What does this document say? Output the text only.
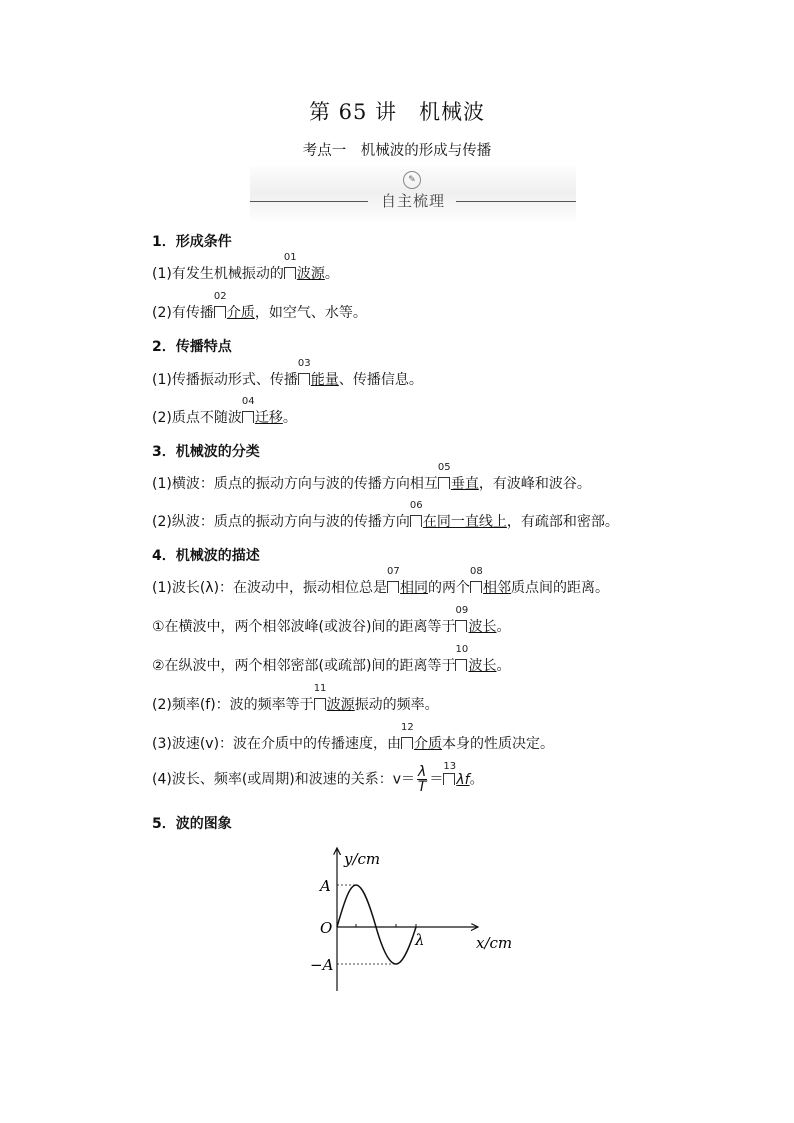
第 65 讲　机械波
考点一　机械波的形成与传播
✎
自主梳理
1．形成条件
(1)有发生机械振动的
01
波源。
(2)有传播
02
介质，如空气、水等。
2．传播特点
(1)传播振动形式、传播
03
能量、传播信息。
(2)质点不随波
04
迁移。
3．机械波的分类
(1)横波：质点的振动方向与波的传播方向相互
05
垂直，有波峰和波谷。
(2)纵波：质点的振动方向与波的传播方向
06
在同一直线上，有疏部和密部。
4．机械波的描述
(1)波长(λ)：在波动中，振动相位总是
07
相同的两个
08
相邻质点间的距离。
①在横波中，两个相邻波峰(或波谷)间的距离等于
09
波长。
②在纵波中，两个相邻密部(或疏部)间的距离等于
10
波长。
(2)频率(f)：波的频率等于
11
波源振动的频率。
(3)波速(v)：波在介质中的传播速度，由
12
介质本身的性质决定。
(4)波长、频率(或周期)和波速的关系：$v= \frac{\lambda}{T}$ ＝
13
λf。
5．波的图象
y/cm
x/cm
A
−A
O
λ
